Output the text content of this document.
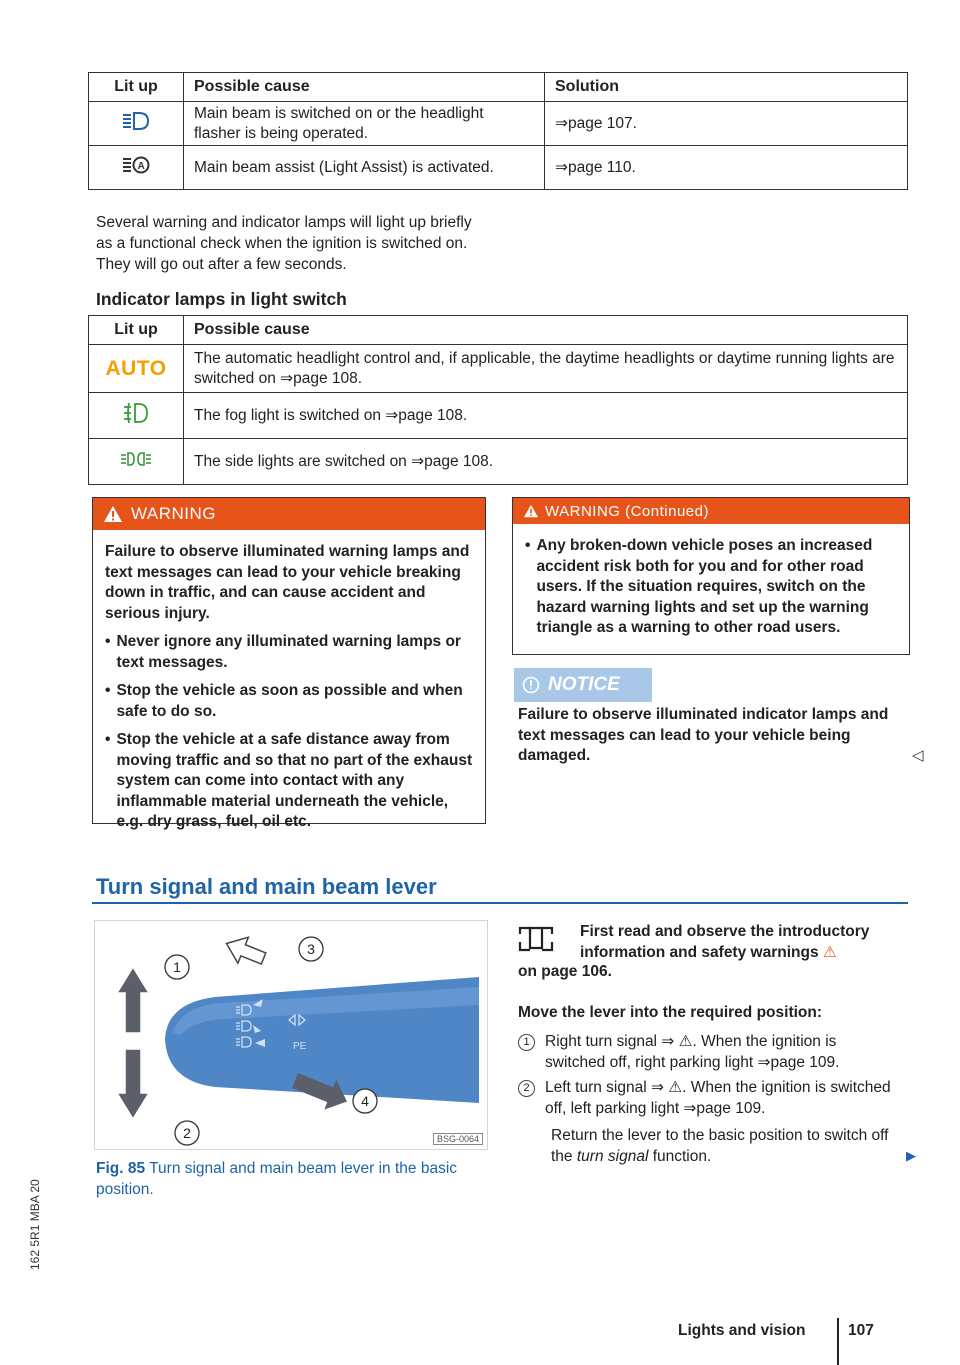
Lit up	Possible cause	Solution
	Main beam is switched on or the headlight flasher is being operated.	⇒page 107.

A	Main beam assist (Light Assist) is activated.	⇒page 110.
Several warning and indicator lamps will light up briefly as a functional check when the ignition is switched on. They will go out after a few seconds.
Indicator lamps in light switch
Lit up	Possible cause
AUTO	The automatic headlight control and, if applicable, the daytime headlights or daytime running lights are switched on ⇒page 108.
	The fog light is switched on ⇒page 108.
	The side lights are switched on ⇒page 108.
WARNING

Failure to observe illuminated warning lamps and text messages can lead to your vehicle breaking down in traffic, and can cause accident and serious injury.

• Never ignore any illuminated warning lamps or text messages.

• Stop the vehicle as soon as possible and when safe to do so.

• Stop the vehicle at a safe distance away from moving traffic and so that no part of the exhaust system can come into contact with any inflammable material underneath the vehicle, e.g. dry grass, fuel, oil etc.

WARNING (Continued)

• Any broken-down vehicle poses an increased accident risk both for you and for other road users. If the situation requires, switch on the hazard warning lights and set up the warning triangle as a warning to other road users.

NOTICE
Failure to observe illuminated indicator lamps and text messages can lead to your vehicle being damaged.	◁
Turn signal and main beam lever
PE
1
2
3
4
BSG-0064
Fig. 85 Turn signal and main beam lever in the basic position.
First read and observe the introductory information and safety warnings ⚠
on page 106.
Move the lever into the required position:
1 Right turn signal ⇒ ⚠. When the ignition is switched off, right parking light ⇒page 109.
2 Left turn signal ⇒ ⚠. When the ignition is switched off, left parking light ⇒page 109.
Return the lever to the basic position to switch off the turn signal function.	▶
162 5R1 MBA 20
Lights and vision	107
